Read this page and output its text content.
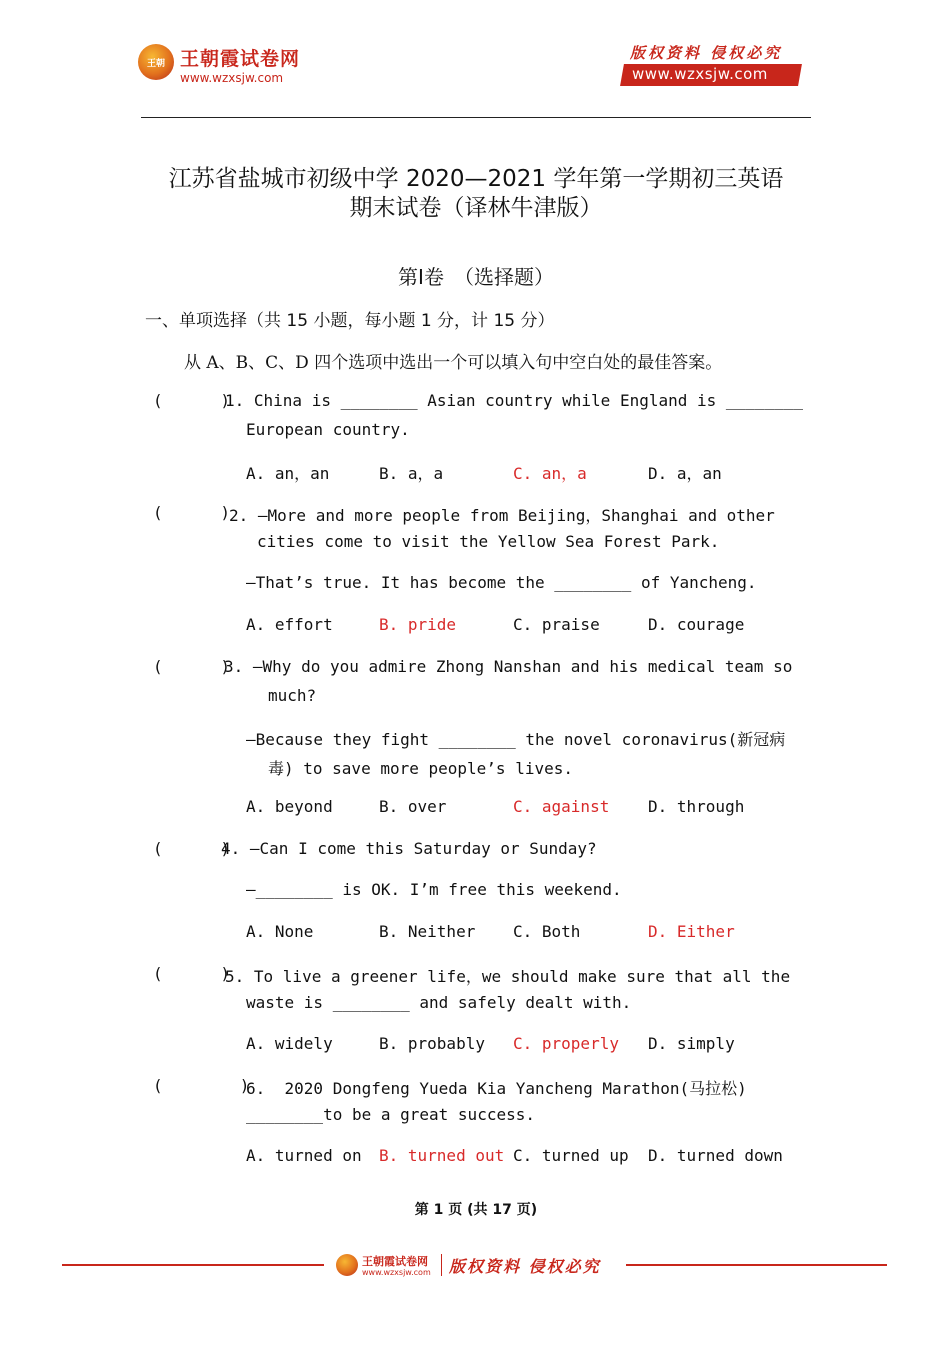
王朝 王朝霞试卷网
www.wzxsjw.com
版权资料 侵权必究
www.wzxsjw.com
江苏省盐城市初级中学 2020—2021 学年第一学期初三英语
期末试卷（译林牛津版）
第Ⅰ卷　（选择题）
一、单项选择（共 15 小题，每小题 1 分，计 15 分）
从 A、B、C、D 四个选项中选出一个可以填入句中空白处的最佳答案。
(      )
1. China is ________ Asian country while England is ________
European country.
A. an，an	B. a，a	C. an，a	D. a，an
(      )
2. —More and more people from Beijing，Shanghai and other
cities come to visit the Yellow Sea Forest Park.
—That’s true. It has become the ________ of Yancheng.
A. effort	B. pride	C. praise	D. courage
(      )
3. —Why do you admire Zhong Nanshan and his medical team so
much?
—Because they fight ________ the novel coronavirus(新冠病
毒) to save more people’s lives.
A. beyond	B. over	C. against D. through
(      )
4. —Can I come this Saturday or Sunday?
—________ is OK. I’m free this weekend.
A. None	B. Neither C. Both	D. Either
(      )
5. To live a greener life，we should make sure that all the
waste is ________ and safely dealt with.
A. widely	B. probably C. properly D. simply
(        )
6.  2020 Dongfeng Yueda Kia Yancheng Marathon(马拉松)
________to be a great success.
A. turned on B. turned out C. turned up D. turned down
第 1 页 (共 17 页)
王朝霞试卷网
www.wzxsjw.com 版权资料 侵权必究
